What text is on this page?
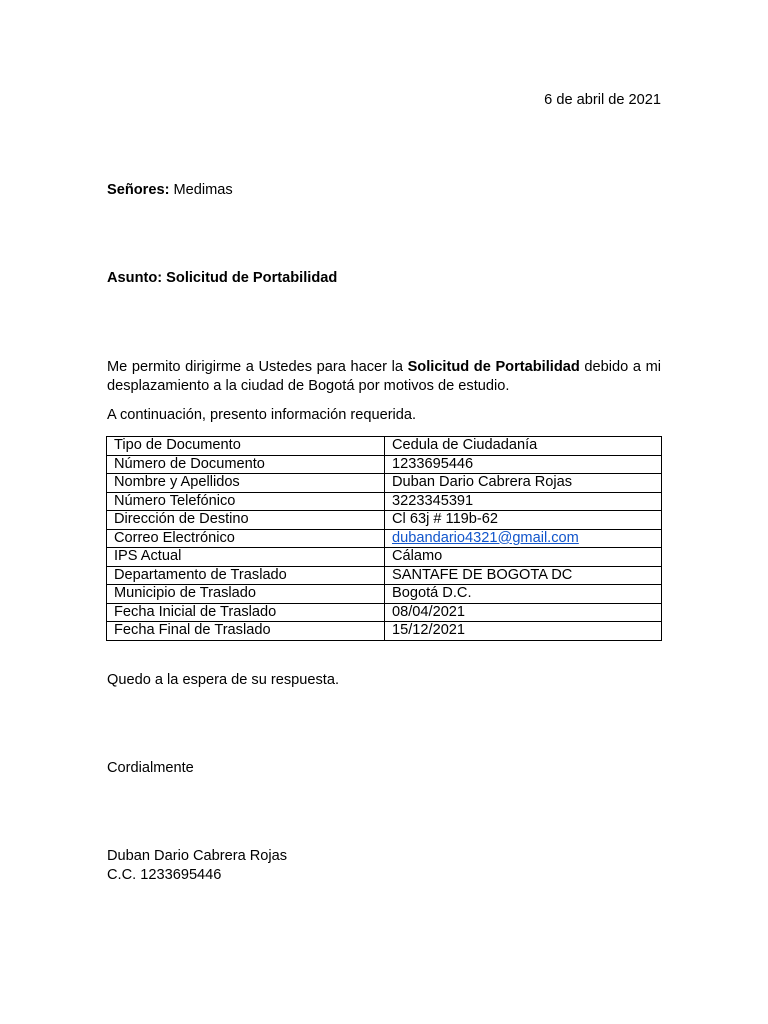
6 de abril de 2021
Señores: Medimas
Asunto: Solicitud de Portabilidad
Me permito dirigirme a Ustedes para hacer la Solicitud de Portabilidad debido a mi desplazamiento a la ciudad de Bogotá por motivos de estudio.
A continuación, presento información requerida.
Tipo de Documento	Cedula de Ciudadanía
Número de Documento	1233695446
Nombre y Apellidos	Duban Dario Cabrera Rojas
Número Telefónico	3223345391
Dirección de Destino	Cl 63j # 119b-62
Correo Electrónico	dubandario4321@gmail.com
IPS Actual	Cálamo
Departamento de Traslado	SANTAFE DE BOGOTA DC
Municipio de Traslado	Bogotá D.C.
Fecha Inicial de Traslado	08/04/2021
Fecha Final de Traslado	15/12/2021
Quedo a la espera de su respuesta.
Cordialmente
Duban Dario Cabrera Rojas
C.C. 1233695446
